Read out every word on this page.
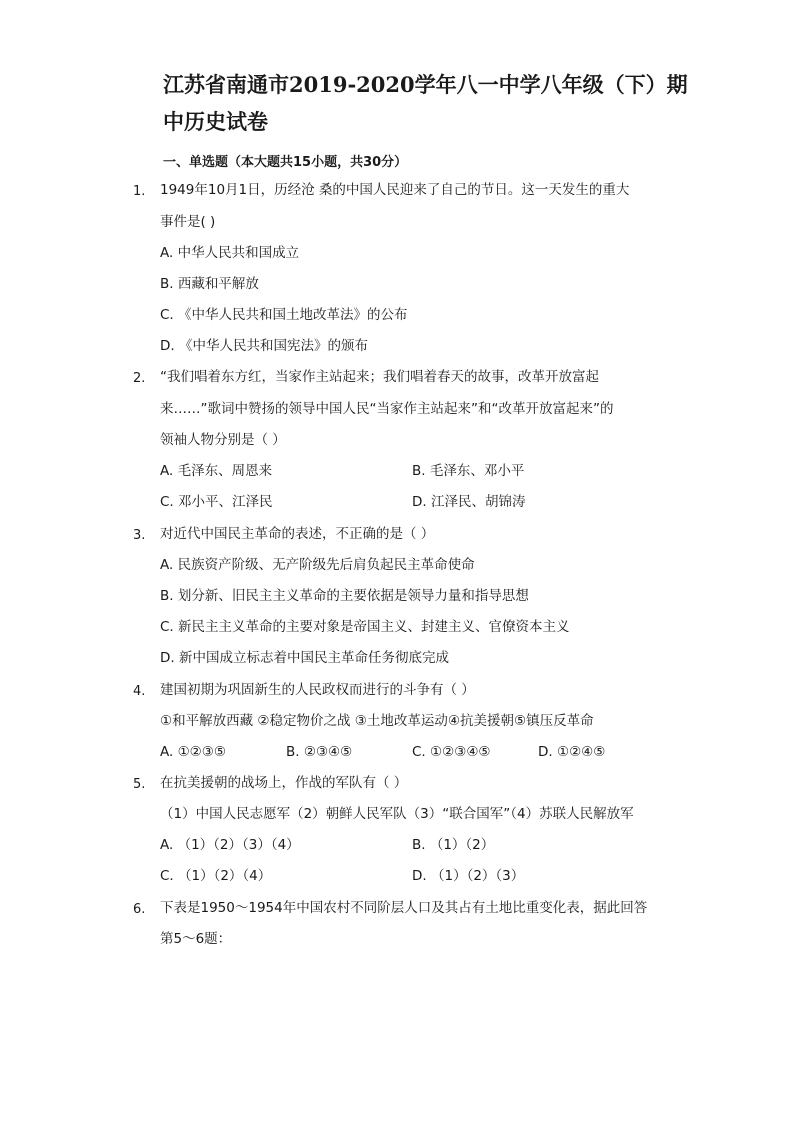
江苏省南通市2019-2020学年八一中学八年级（下）期
中历史试卷
一、单选题（本大题共15小题，共30分）
1. 1949年10月1日，历经沧 桑的中国人民迎来了自己的节日。这一天发生的重大
事件是( )
A. 中华人民共和国成立
B. 西藏和平解放
C. 《中华人民共和国土地改革法》的公布
D. 《中华人民共和国宪法》的颁布
2. “我们唱着东方红，当家作主站起来；我们唱着春天的故事，改革开放富起
来……”歌词中赞扬的领导中国人民“当家作主站起来”和“改革开放富起来”的
领袖人物分别是（ ）
A. 毛泽东、周恩来	B. 毛泽东、邓小平
C. 邓小平、江泽民	D. 江泽民、胡锦涛
3. 对近代中国民主革命的表述，不正确的是（ ）
A. 民族资产阶级、无产阶级先后肩负起民主革命使命
B. 划分新、旧民主主义革命的主要依据是领导力量和指导思想
C. 新民主主义革命的主要对象是帝国主义、封建主义、官僚资本主义
D. 新中国成立标志着中国民主革命任务彻底完成
4. 建国初期为巩固新生的人民政权而进行的斗争有（ ）
①和平解放西藏 ②稳定物价之战 ③土地改革运动④抗美援朝⑤镇压反革命
A. ①②③⑤	B. ②③④⑤	C. ①②③④⑤	D. ①②④⑤
5. 在抗美援朝的战场上，作战的军队有（ ）
（1）中国人民志愿军（2）朝鲜人民军队（3）“联合国军”（4）苏联人民解放军
A. （1）（2）（3）（4）	B. （1）（2）
C. （1）（2）（4）	D. （1）（2）（3）
6. 下表是1950～1954年中国农村不同阶层人口及其占有土地比重变化表，据此回答
第5～6题：
